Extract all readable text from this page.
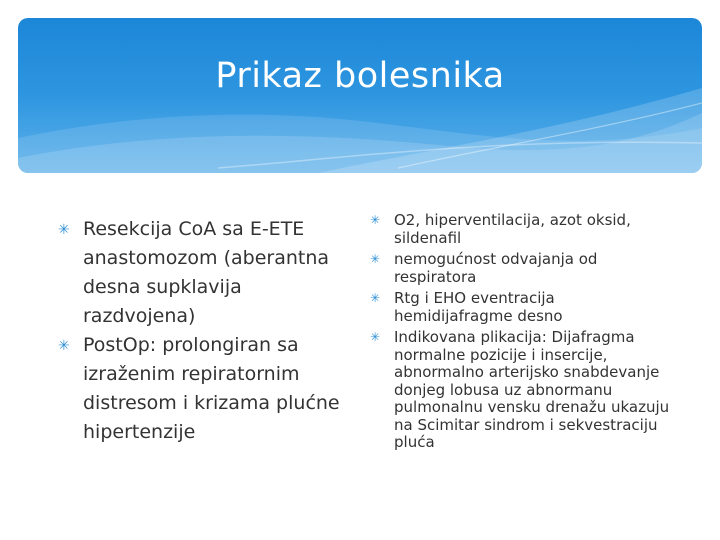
Prikaz bolesnika
✳ Resekcija CoA sa E-ETE anastomozom (aberantna desna supklavija razdvojena)
✳ PostOp: prolongiran sa izraženim repiratornim distresom i krizama plućne hipertenzije
✳ O2, hiperventilacija, azot oksid, sildenafil
✳ nemogućnost odvajanja od respiratora
✳ Rtg i EHO eventracija hemidijafragme desno
✳ Indikovana plikacija: Dijafragma normalne pozicije i insercije, abnormalno arterijsko snabdevanje donjeg lobusa uz abnormanu pulmonalnu vensku drenažu ukazuju na Scimitar sindrom i sekvestraciju pluća
